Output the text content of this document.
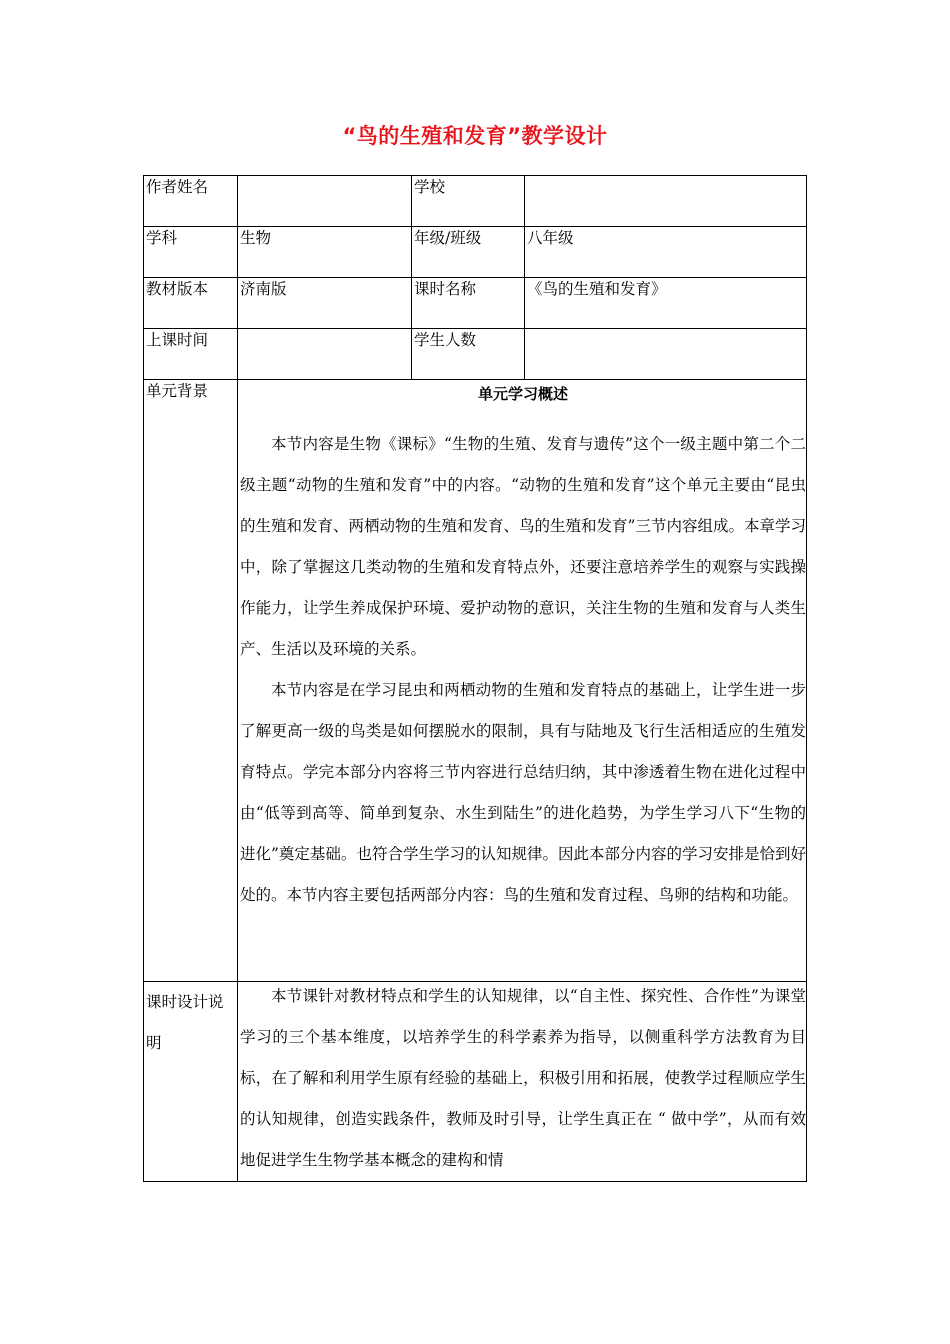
“鸟的生殖和发育”教学设计
作者姓名		学校	
学科	生物	年级/班级	八年级
教材版本	济南版	课时名称	《鸟的生殖和发育》
上课时间		学生人数	
单元背景	单元学习概述

本节内容是生物《课标》“生物的生殖、发育与遗传”这个一级主题中第二个二级主题“动物的生殖和发育”中的内容。“动物的生殖和发育”这个单元主要由“昆虫的生殖和发育、两栖动物的生殖和发育、鸟的生殖和发育”三节内容组成。本章学习中，除了掌握这几类动物的生殖和发育特点外，还要注意培养学生的观察与实践操作能力，让学生养成保护环境、爱护动物的意识，关注生物的生殖和发育与人类生产、生活以及环境的关系。

本节内容是在学习昆虫和两栖动物的生殖和发育特点的基础上，让学生进一步了解更高一级的鸟类是如何摆脱水的限制，具有与陆地及飞行生活相适应的生殖发育特点。学完本部分内容将三节内容进行总结归纳，其中渗透着生物在进化过程中由“低等到高等、简单到复杂、水生到陆生”的进化趋势，为学生学习八下“生物的进化”奠定基础。也符合学生学习的认知规律。因此本部分内容的学习安排是恰到好处的。本节内容主要包括两部分内容：鸟的生殖和发育过程、鸟卵的结构和功能。		

课时设计说明	本节课针对教材特点和学生的认知规律，以“自主性、探究性、合作性”为课堂学习的三个基本维度，以培养学生的科学素养为指导，以侧重科学方法教育为目标，在了解和利用学生原有经验的基础上，积极引用和拓展，使教学过程顺应学生的认知规律，创造实践条件，教师及时引导，让学生真正在 “ 做中学”，从而有效地促进学生生物学基本概念的建构和情		
